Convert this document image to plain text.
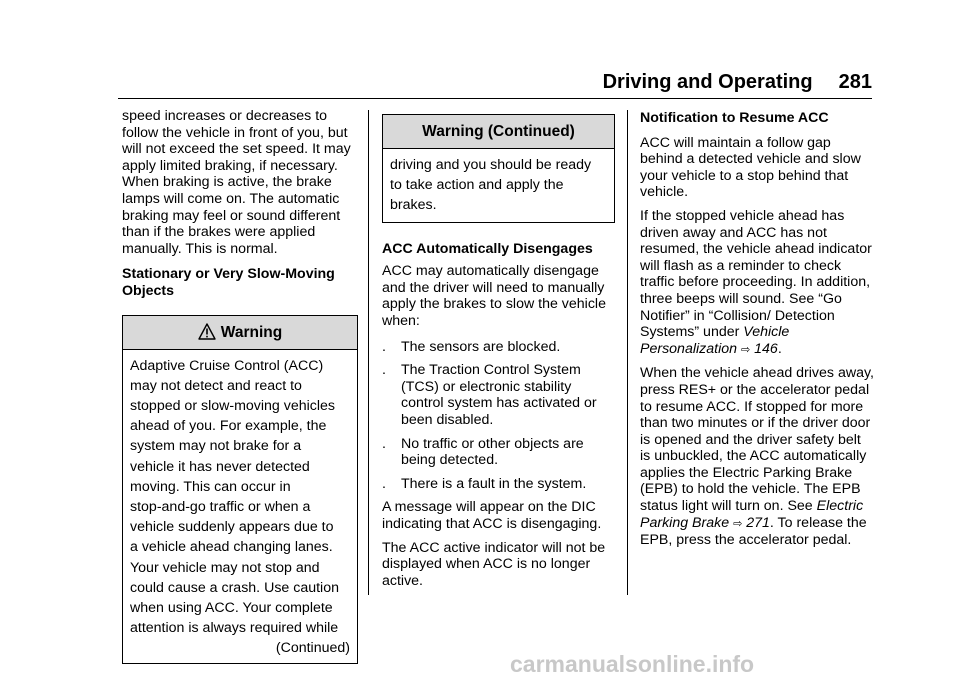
Driving and Operating 281

speed increases or decreases to follow the vehicle in front of you, but will not exceed the set speed. It may apply limited braking, if necessary. When braking is active, the brake lamps will come on. The automatic braking may feel or sound different than if the brakes were applied manually. This is normal.

Stationary or Very Slow-Moving Objects

Warning
Adaptive Cruise Control (ACC)
may not detect and react to
stopped or slow-moving vehicles
ahead of you. For example, the
system may not brake for a
vehicle it has never detected
moving. This can occur in
stop-and-go traffic or when a
vehicle suddenly appears due to
a vehicle ahead changing lanes.
Your vehicle may not stop and
could cause a crash. Use caution
when using ACC. Your complete
attention is always required while
(Continued)
Warning (Continued)
driving and you should be ready
to take action and apply the
brakes.

ACC Automatically Disengages

ACC may automatically disengage and the driver will need to manually apply the brakes to slow the vehicle when:

.	The sensors are blocked.
.	The Traction Control System (TCS) or electronic stability control system has activated or been disabled.
.	No traffic or other objects are being detected.
.	There is a fault in the system.

A message will appear on the DIC indicating that ACC is disengaging.

The ACC active indicator will not be displayed when ACC is no longer active.

Notification to Resume ACC

ACC will maintain a follow gap behind a detected vehicle and slow your vehicle to a stop behind that vehicle.

If the stopped vehicle ahead has driven away and ACC has not resumed, the vehicle ahead indicator will flash as a reminder to check traffic before proceeding. In addition, three beeps will sound. See “Go Notifier” in “Collision/ Detection Systems” under Vehicle Personalization ⇨ 146.

When the vehicle ahead drives away, press RES+ or the accelerator pedal to resume ACC. If stopped for more than two minutes or if the driver door is opened and the driver safety belt is unbuckled, the ACC automatically applies the Electric Parking Brake (EPB) to hold the vehicle. The EPB status light will turn on. See Electric Parking Brake ⇨ 271. To release the EPB, press the accelerator pedal.

carmanualsonline.info
